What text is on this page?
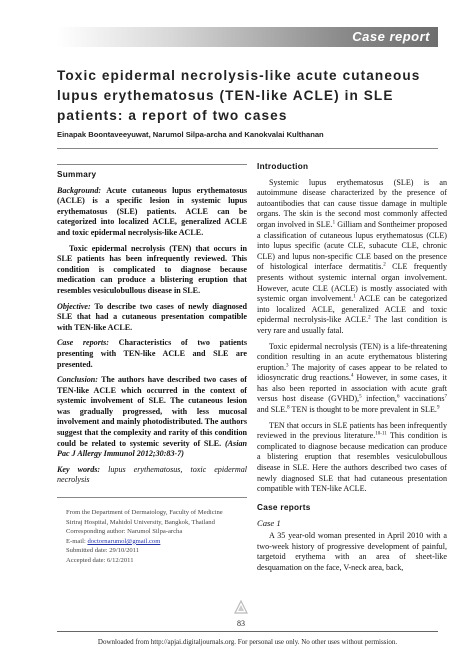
Case report
Toxic epidermal necrolysis-like acute cutaneous lupus erythematosus (TEN-like ACLE) in SLE patients: a report of two cases

Einapak Boontaveeyuwat, Narumol Silpa-archa and Kanokvalai Kulthanan

Summary

Background: Acute cutaneous lupus erythematosus (ACLE) is a specific lesion in systemic lupus erythematosus (SLE) patients. ACLE can be categorized into localized ACLE, generalized ACLE and toxic epidermal necrolysis-like ACLE.

Toxic epidermal necrolysis (TEN) that occurs in SLE patients has been infrequently reviewed. This condition is complicated to diagnose because medication can produce a blistering eruption that resembles vesiculobullous disease in SLE.

Objective: To describe two cases of newly diagnosed SLE that had a cutaneous presentation compatible with TEN-like ACLE.

Case reports: Characteristics of two patients presenting with TEN-like ACLE and SLE are presented.

Conclusion: The authors have described two cases of TEN-like ACLE which occurred in the context of systemic involvement of SLE. The cutaneous lesion was gradually progressed, with less mucosal involvement and mainly photodistributed. The authors suggest that the complexity and rarity of this condition could be related to systemic severity of SLE. (Asian Pac J Allergy Immunol 2012;30:83-7)

Key words: lupus erythematosus, toxic epidermal necrolysis

From the Department of Dermatology, Faculty of Medicine
Siriraj Hospital, Mahidol University, Bangkok, Thailand
Corresponding author: Narumol Silpa-archa
E-mail: doctornarumol@gmail.com
Submitted date: 29/10/2011
Accepted date: 6/12/2011
Introduction

Systemic lupus erythematosus (SLE) is an autoimmune disease characterized by the presence of autoantibodies that can cause tissue damage in multiple organs. The skin is the second most commonly affected organ involved in SLE.$^1$ Gilliam and Sontheimer proposed a classification of cutaneous lupus erythematosus (CLE) into lupus specific (acute CLE, subacute CLE, chronic CLE) and lupus non-specific CLE based on the presence of histological interface dermatitis.$^2$ CLE frequently presents without systemic internal organ involvement. However, acute CLE (ACLE) is mostly associated with systemic organ involvement.$^1$ ACLE can be categorized into localized ACLE, generalized ACLE and toxic epidermal necrolysis-like ACLE.$^2$ The last condition is very rare and usually fatal.

Toxic epidermal necrolysis (TEN) is a life-threatening condition resulting in an acute erythematous blistering eruption.$^3$ The majority of cases appear to be related to idiosyncratic drug reactions.$^4$ However, in some cases, it has also been reported in association with acute graft versus host disease (GVHD),$^5$ infection,$^6$ vaccinations$^7$ and SLE.$^8$ TEN is thought to be more prevalent in SLE.$^9$

TEN that occurs in SLE patients has been infrequently reviewed in the previous literature.$^{10-11}$ This condition is complicated to diagnose because medication can produce a blistering eruption that resembles vesiculobullous disease in SLE. Here the authors described two cases of newly diagnosed SLE that had cutaneous presentation compatible with TEN-like ACLE.

Case reports
Case 1

A 35 year-old woman presented in April 2010 with a two-week history of progressive development of painful, targetoid erythema with an area of sheet-like desquamation on the face, V-neck area, back,

83
Downloaded from http://apjai.digitaljournals.org. For personal use only. No other uses without permission.
